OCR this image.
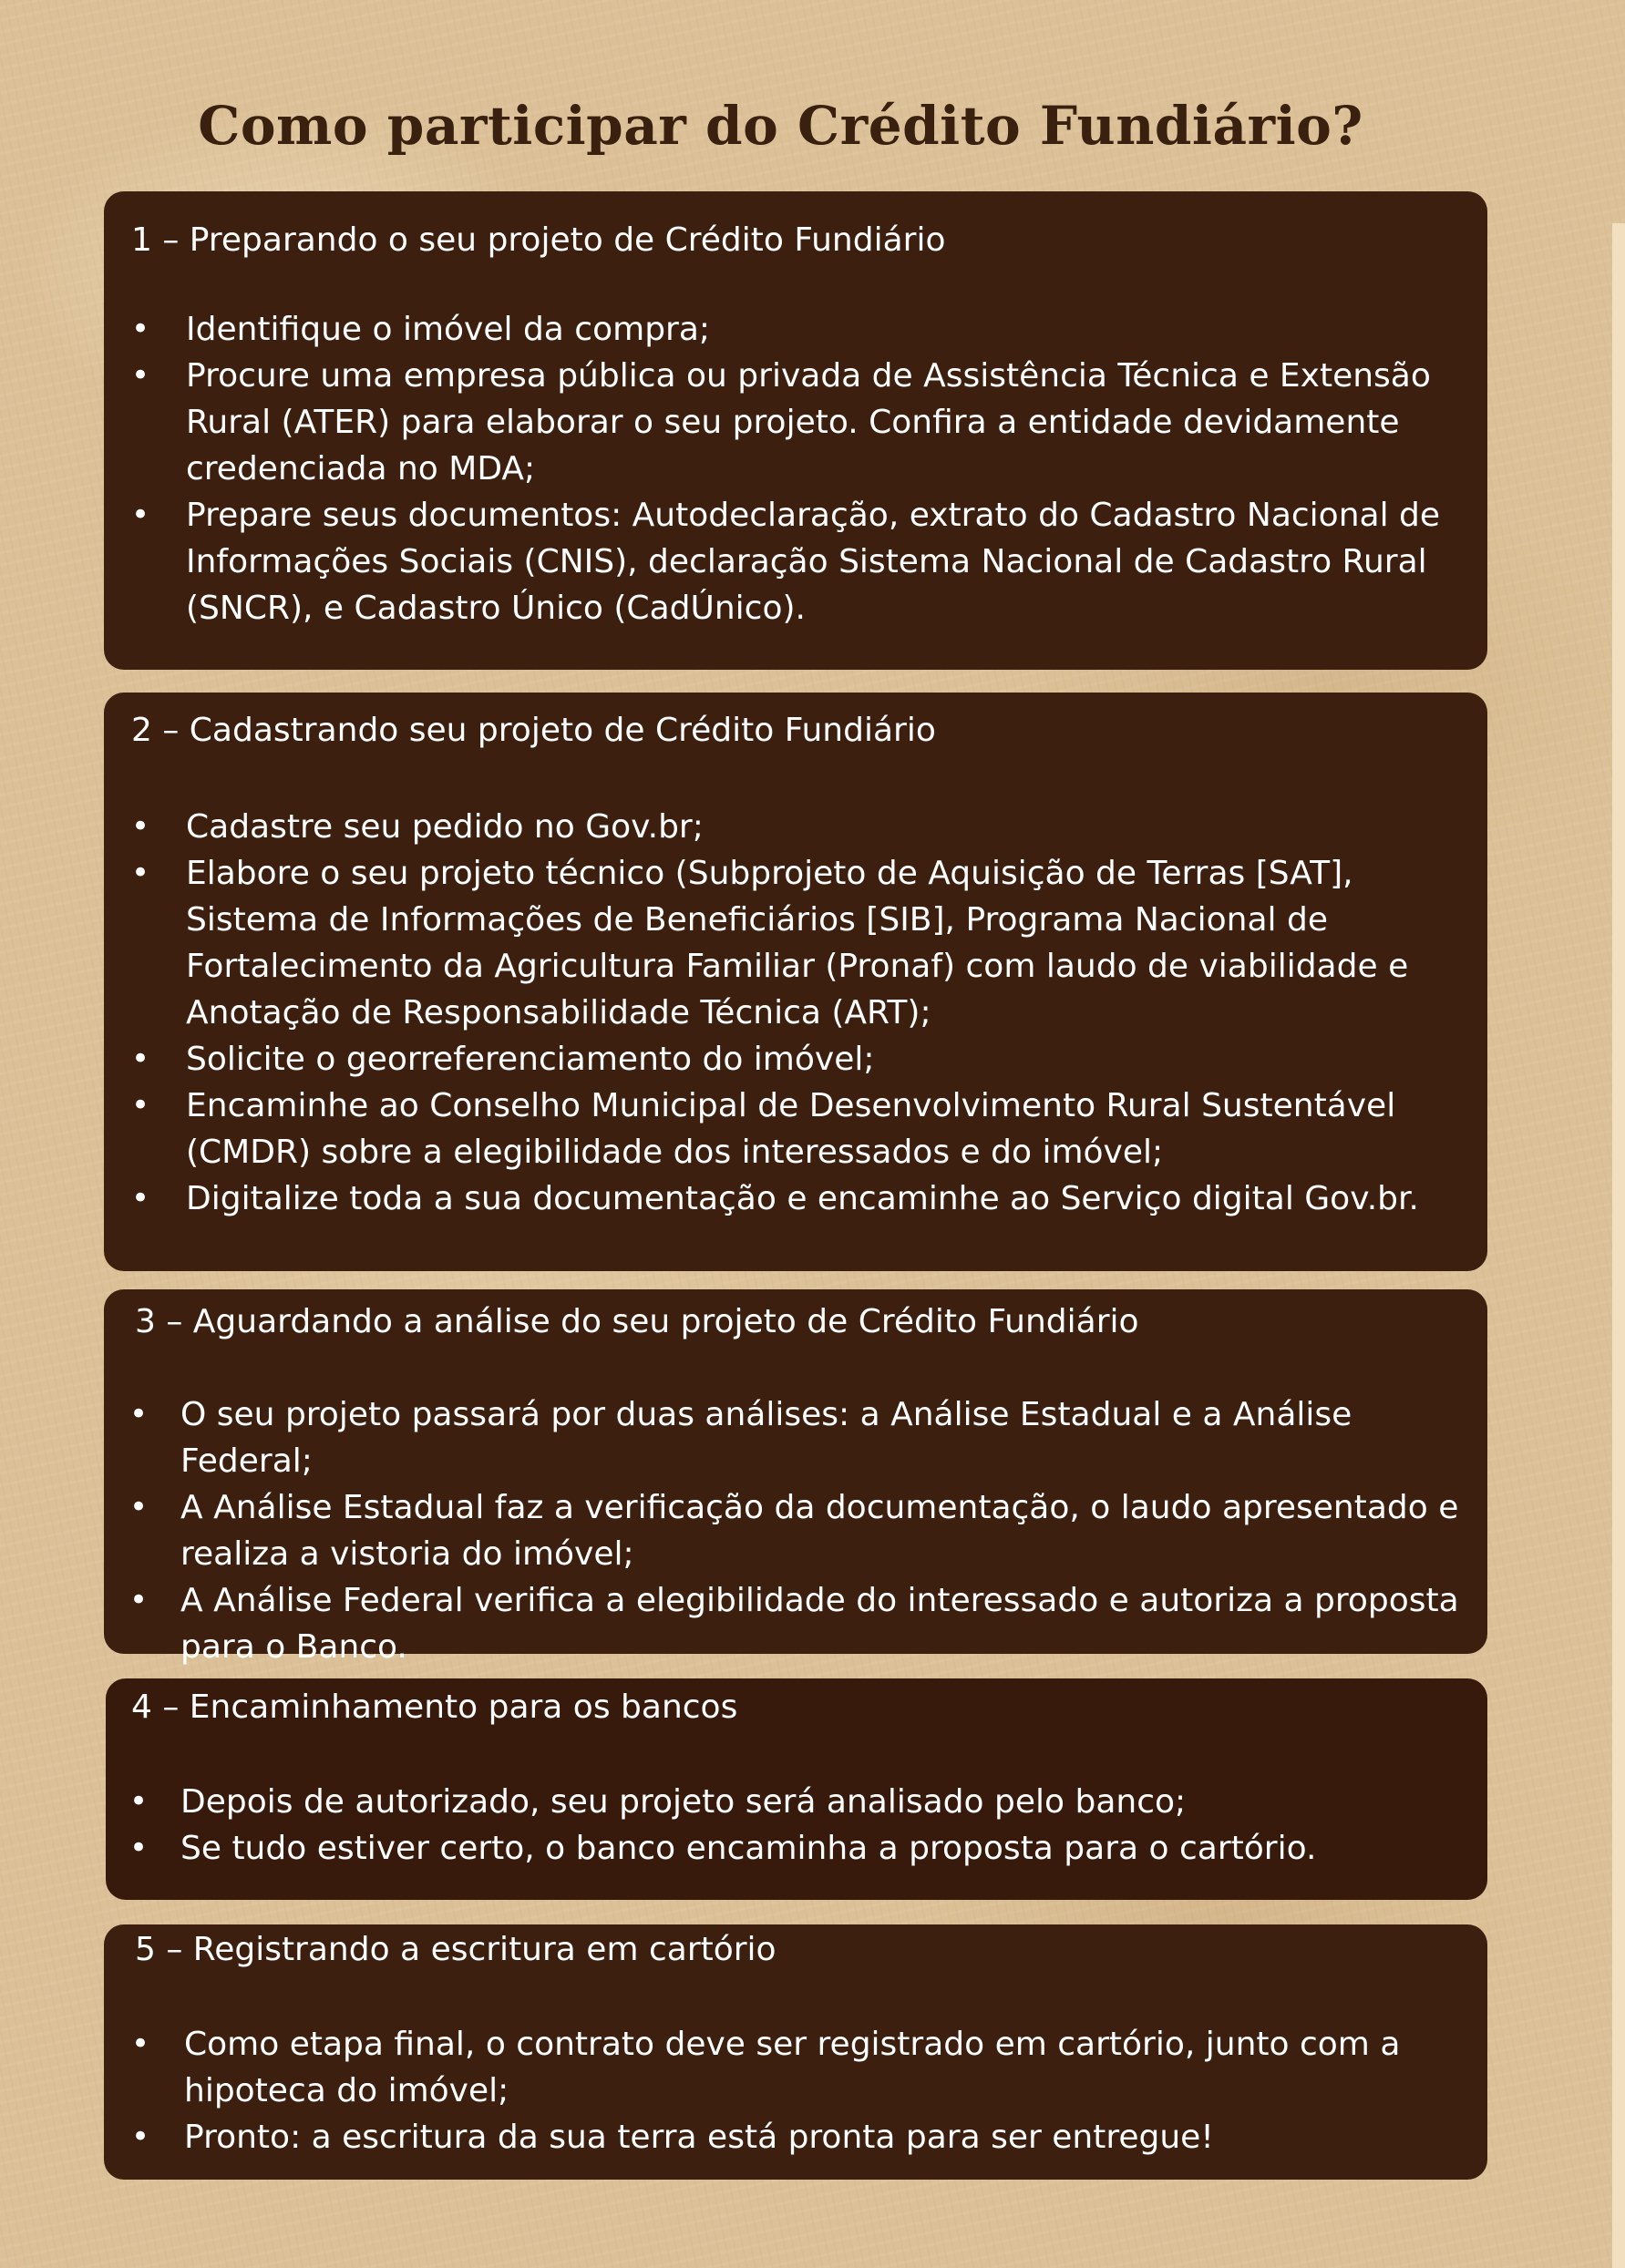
Como participar do Crédito Fundiário?
1 – Preparando o seu projeto de Crédito Fundiário
• Identifique o imóvel da compra;
• Procure uma empresa pública ou privada de Assistência Técnica e Extensão Rural (ATER) para elaborar o seu projeto. Confira a entidade devidamente credenciada no MDA;
• Prepare seus documentos: Autodeclaração, extrato do Cadastro Nacional de Informações Sociais (CNIS), declaração Sistema Nacional de Cadastro Rural (SNCR), e Cadastro Único (CadÚnico).
2 – Cadastrando seu projeto de Crédito Fundiário
• Cadastre seu pedido no Gov.br;
• Elabore o seu projeto técnico (Subprojeto de Aquisição de Terras [SAT], Sistema de Informações de Beneficiários [SIB], Programa Nacional de Fortalecimento da Agricultura Familiar (Pronaf) com laudo de viabilidade e Anotação de Responsabilidade Técnica (ART);
• Solicite o georreferenciamento do imóvel;
• Encaminhe ao Conselho Municipal de Desenvolvimento Rural Sustentável (CMDR) sobre a elegibilidade dos interessados e do imóvel;
• Digitalize toda a sua documentação e encaminhe ao Serviço digital Gov.br.
3 – Aguardando a análise do seu projeto de Crédito Fundiário
• O seu projeto passará por duas análises: a Análise Estadual e a Análise Federal;
• A Análise Estadual faz a verificação da documentação, o laudo apresentado e realiza a vistoria do imóvel;
• A Análise Federal verifica a elegibilidade do interessado e autoriza a proposta para o Banco.
4 – Encaminhamento para os bancos
• Depois de autorizado, seu projeto será analisado pelo banco;
• Se tudo estiver certo, o banco encaminha a proposta para o cartório.
5 – Registrando a escritura em cartório
• Como etapa final, o contrato deve ser registrado em cartório, junto com a hipoteca do imóvel;
• Pronto: a escritura da sua terra está pronta para ser entregue!
